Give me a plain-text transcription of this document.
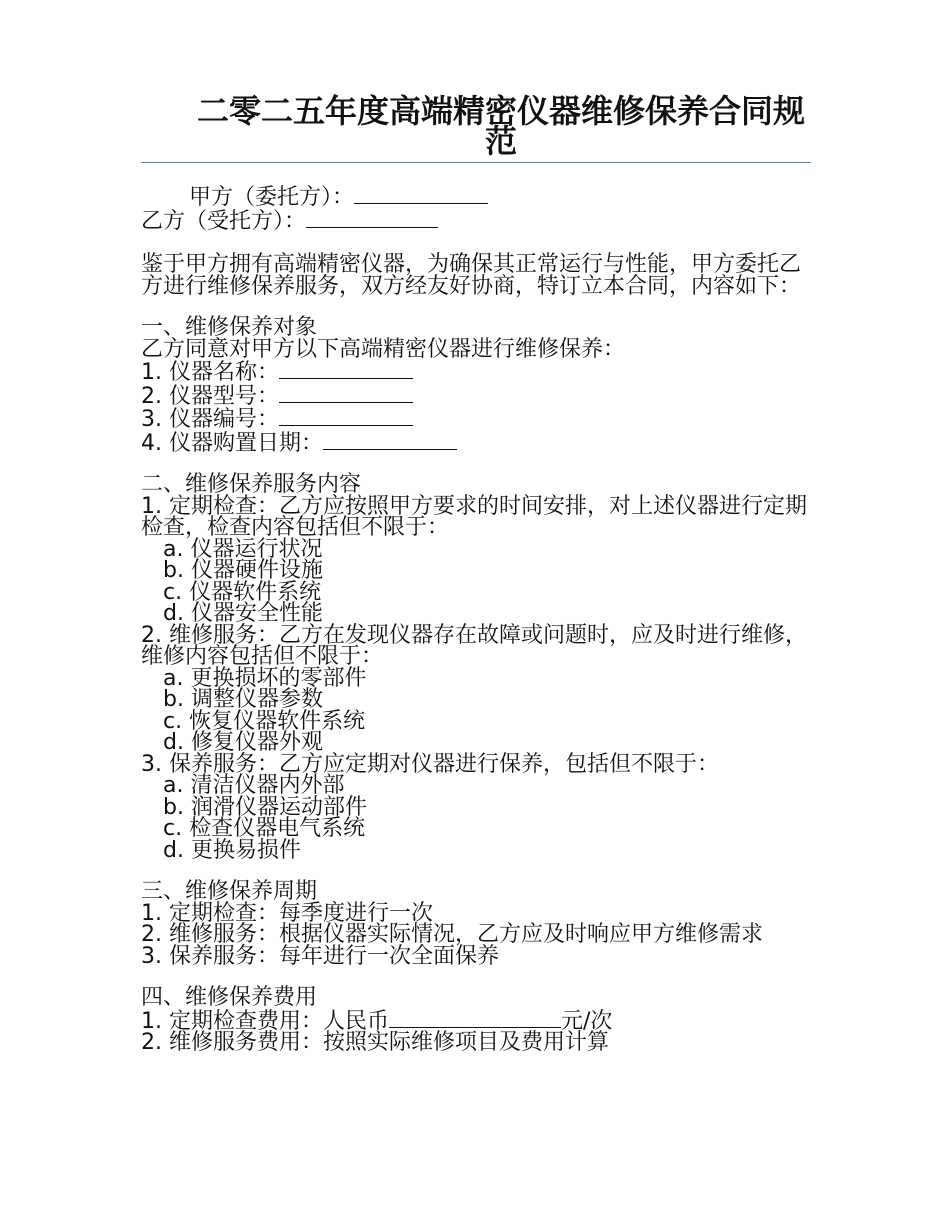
二零二五年度高端精密仪器维修保养合同规范

甲方（委托方）：

乙方（受托方）：

鉴于甲方拥有高端精密仪器，为确保其正常运行与性能，甲方委托乙方进行维修保养服务，双方经友好协商，特订立本合同，内容如下：

一、维修保养对象

乙方同意对甲方以下高端精密仪器进行维修保养：

1. 仪器名称：

2. 仪器型号：

3. 仪器编号：

4. 仪器购置日期：

二、维修保养服务内容

1. 定期检查：乙方应按照甲方要求的时间安排，对上述仪器进行定期检查，检查内容包括但不限于：

a. 仪器运行状况

b. 仪器硬件设施

c. 仪器软件系统

d. 仪器安全性能

2. 维修服务：乙方在发现仪器存在故障或问题时，应及时进行维修，维修内容包括但不限于：

a. 更换损坏的零部件

b. 调整仪器参数

c. 恢复仪器软件系统

d. 修复仪器外观

3. 保养服务：乙方应定期对仪器进行保养，包括但不限于：

a. 清洁仪器内外部

b. 润滑仪器运动部件

c. 检查仪器电气系统

d. 更换易损件

三、维修保养周期

1. 定期检查：每季度进行一次

2. 维修服务：根据仪器实际情况，乙方应及时响应甲方维修需求

3. 保养服务：每年进行一次全面保养

四、维修保养费用

1. 定期检查费用：人民币	元/次

2. 维修服务费用：按照实际维修项目及费用计算
